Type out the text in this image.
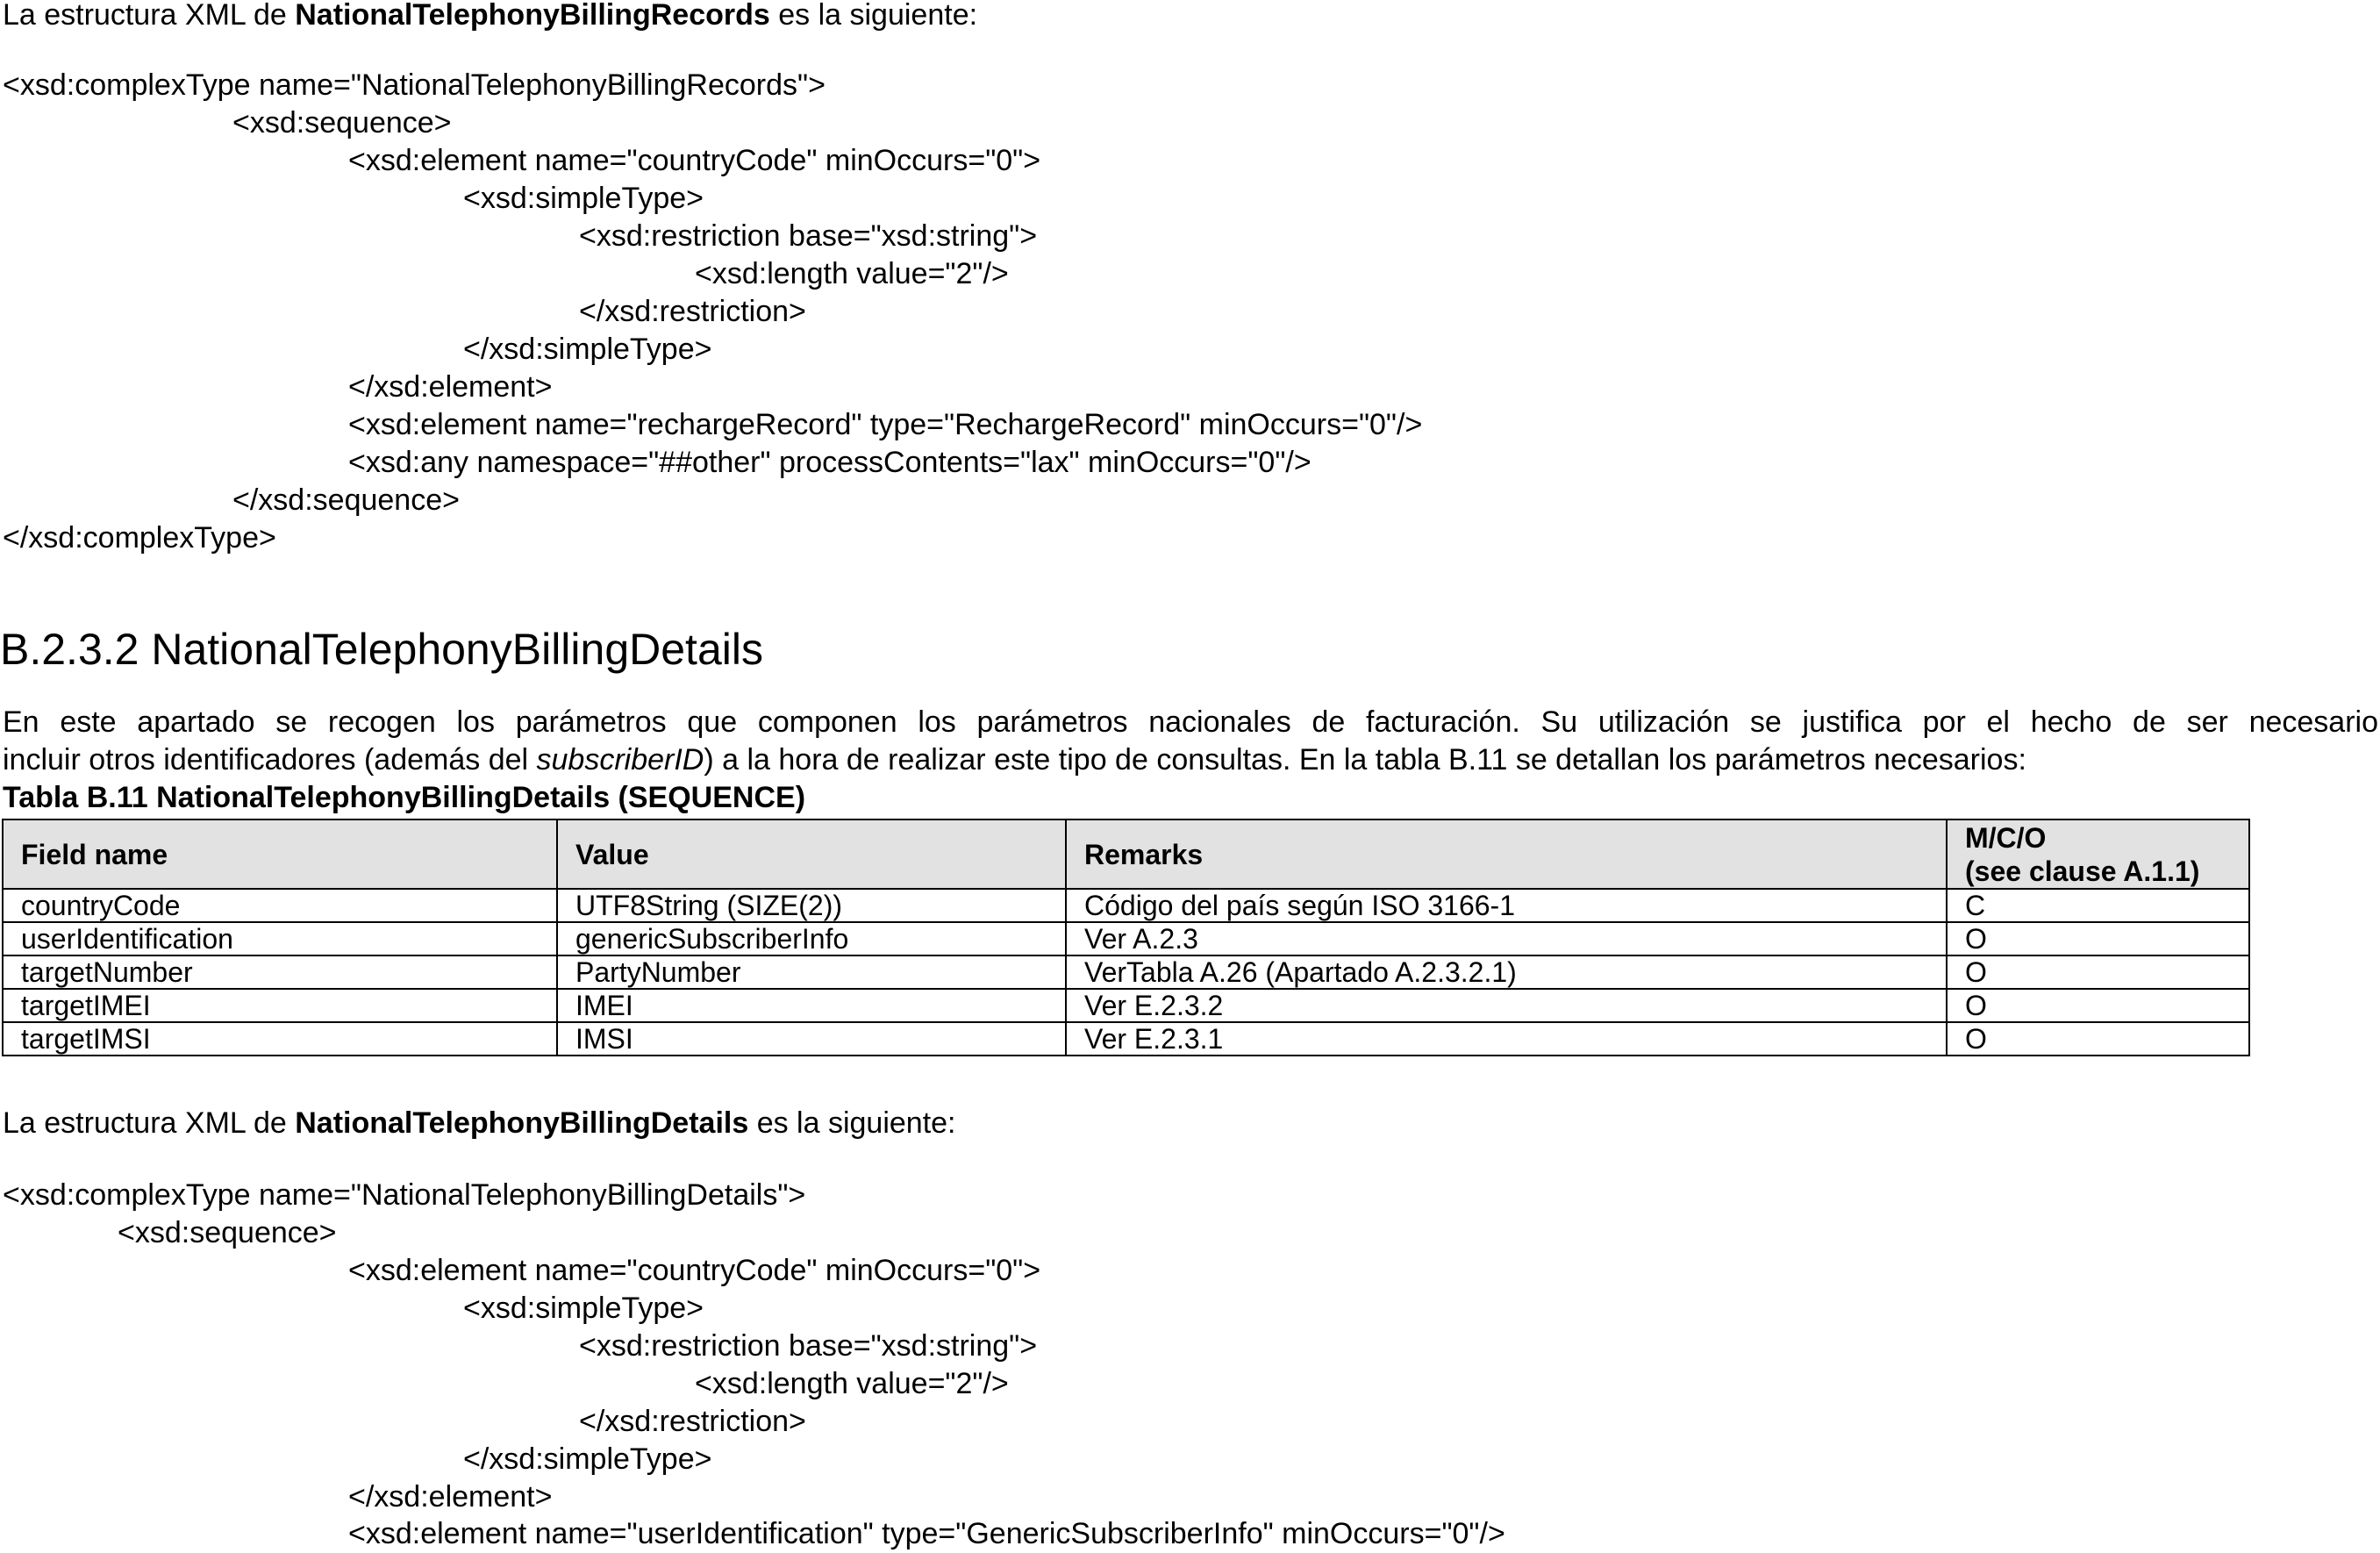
La estructura XML de NationalTelephonyBillingRecords es la siguiente:
<xsd:complexType name="NationalTelephonyBillingRecords">
<xsd:sequence>
<xsd:element name="countryCode" minOccurs="0">
<xsd:simpleType>
<xsd:restriction base="xsd:string">
<xsd:length value="2"/>
</xsd:restriction>
</xsd:simpleType>
</xsd:element>
<xsd:element name="rechargeRecord" type="RechargeRecord" minOccurs="0"/>
<xsd:any namespace="##other" processContents="lax" minOccurs="0"/>
</xsd:sequence>
</xsd:complexType>
B.2.3.2 NationalTelephonyBillingDetails
En este apartado se recogen los parámetros que componen los parámetros nacionales de facturación. Su utilización se justifica por el hecho de ser necesario
incluir otros identificadores (además del subscriberID) a la hora de realizar este tipo de consultas. En la tabla B.11 se detallan los parámetros necesarios:
Tabla B.11 NationalTelephonyBillingDetails (SEQUENCE)
Field name	Value	Remarks	M/C/O
(see clause A.1.1)

countryCode	UTF8String (SIZE(2))	Código del país según ISO 3166-1	C
userIdentification	genericSubscriberInfo	Ver A.2.3	O
targetNumber	PartyNumber	VerTabla A.26 (Apartado A.2.3.2.1)	O
targetIMEI	IMEI	Ver E.2.3.2	O
targetIMSI	IMSI	Ver E.2.3.1	O
La estructura XML de NationalTelephonyBillingDetails es la siguiente:
<xsd:complexType name="NationalTelephonyBillingDetails">
<xsd:sequence>
<xsd:element name="countryCode" minOccurs="0">
<xsd:simpleType>
<xsd:restriction base="xsd:string">
<xsd:length value="2"/>
</xsd:restriction>
</xsd:simpleType>
</xsd:element>
<xsd:element name="userIdentification" type="GenericSubscriberInfo" minOccurs="0"/>
